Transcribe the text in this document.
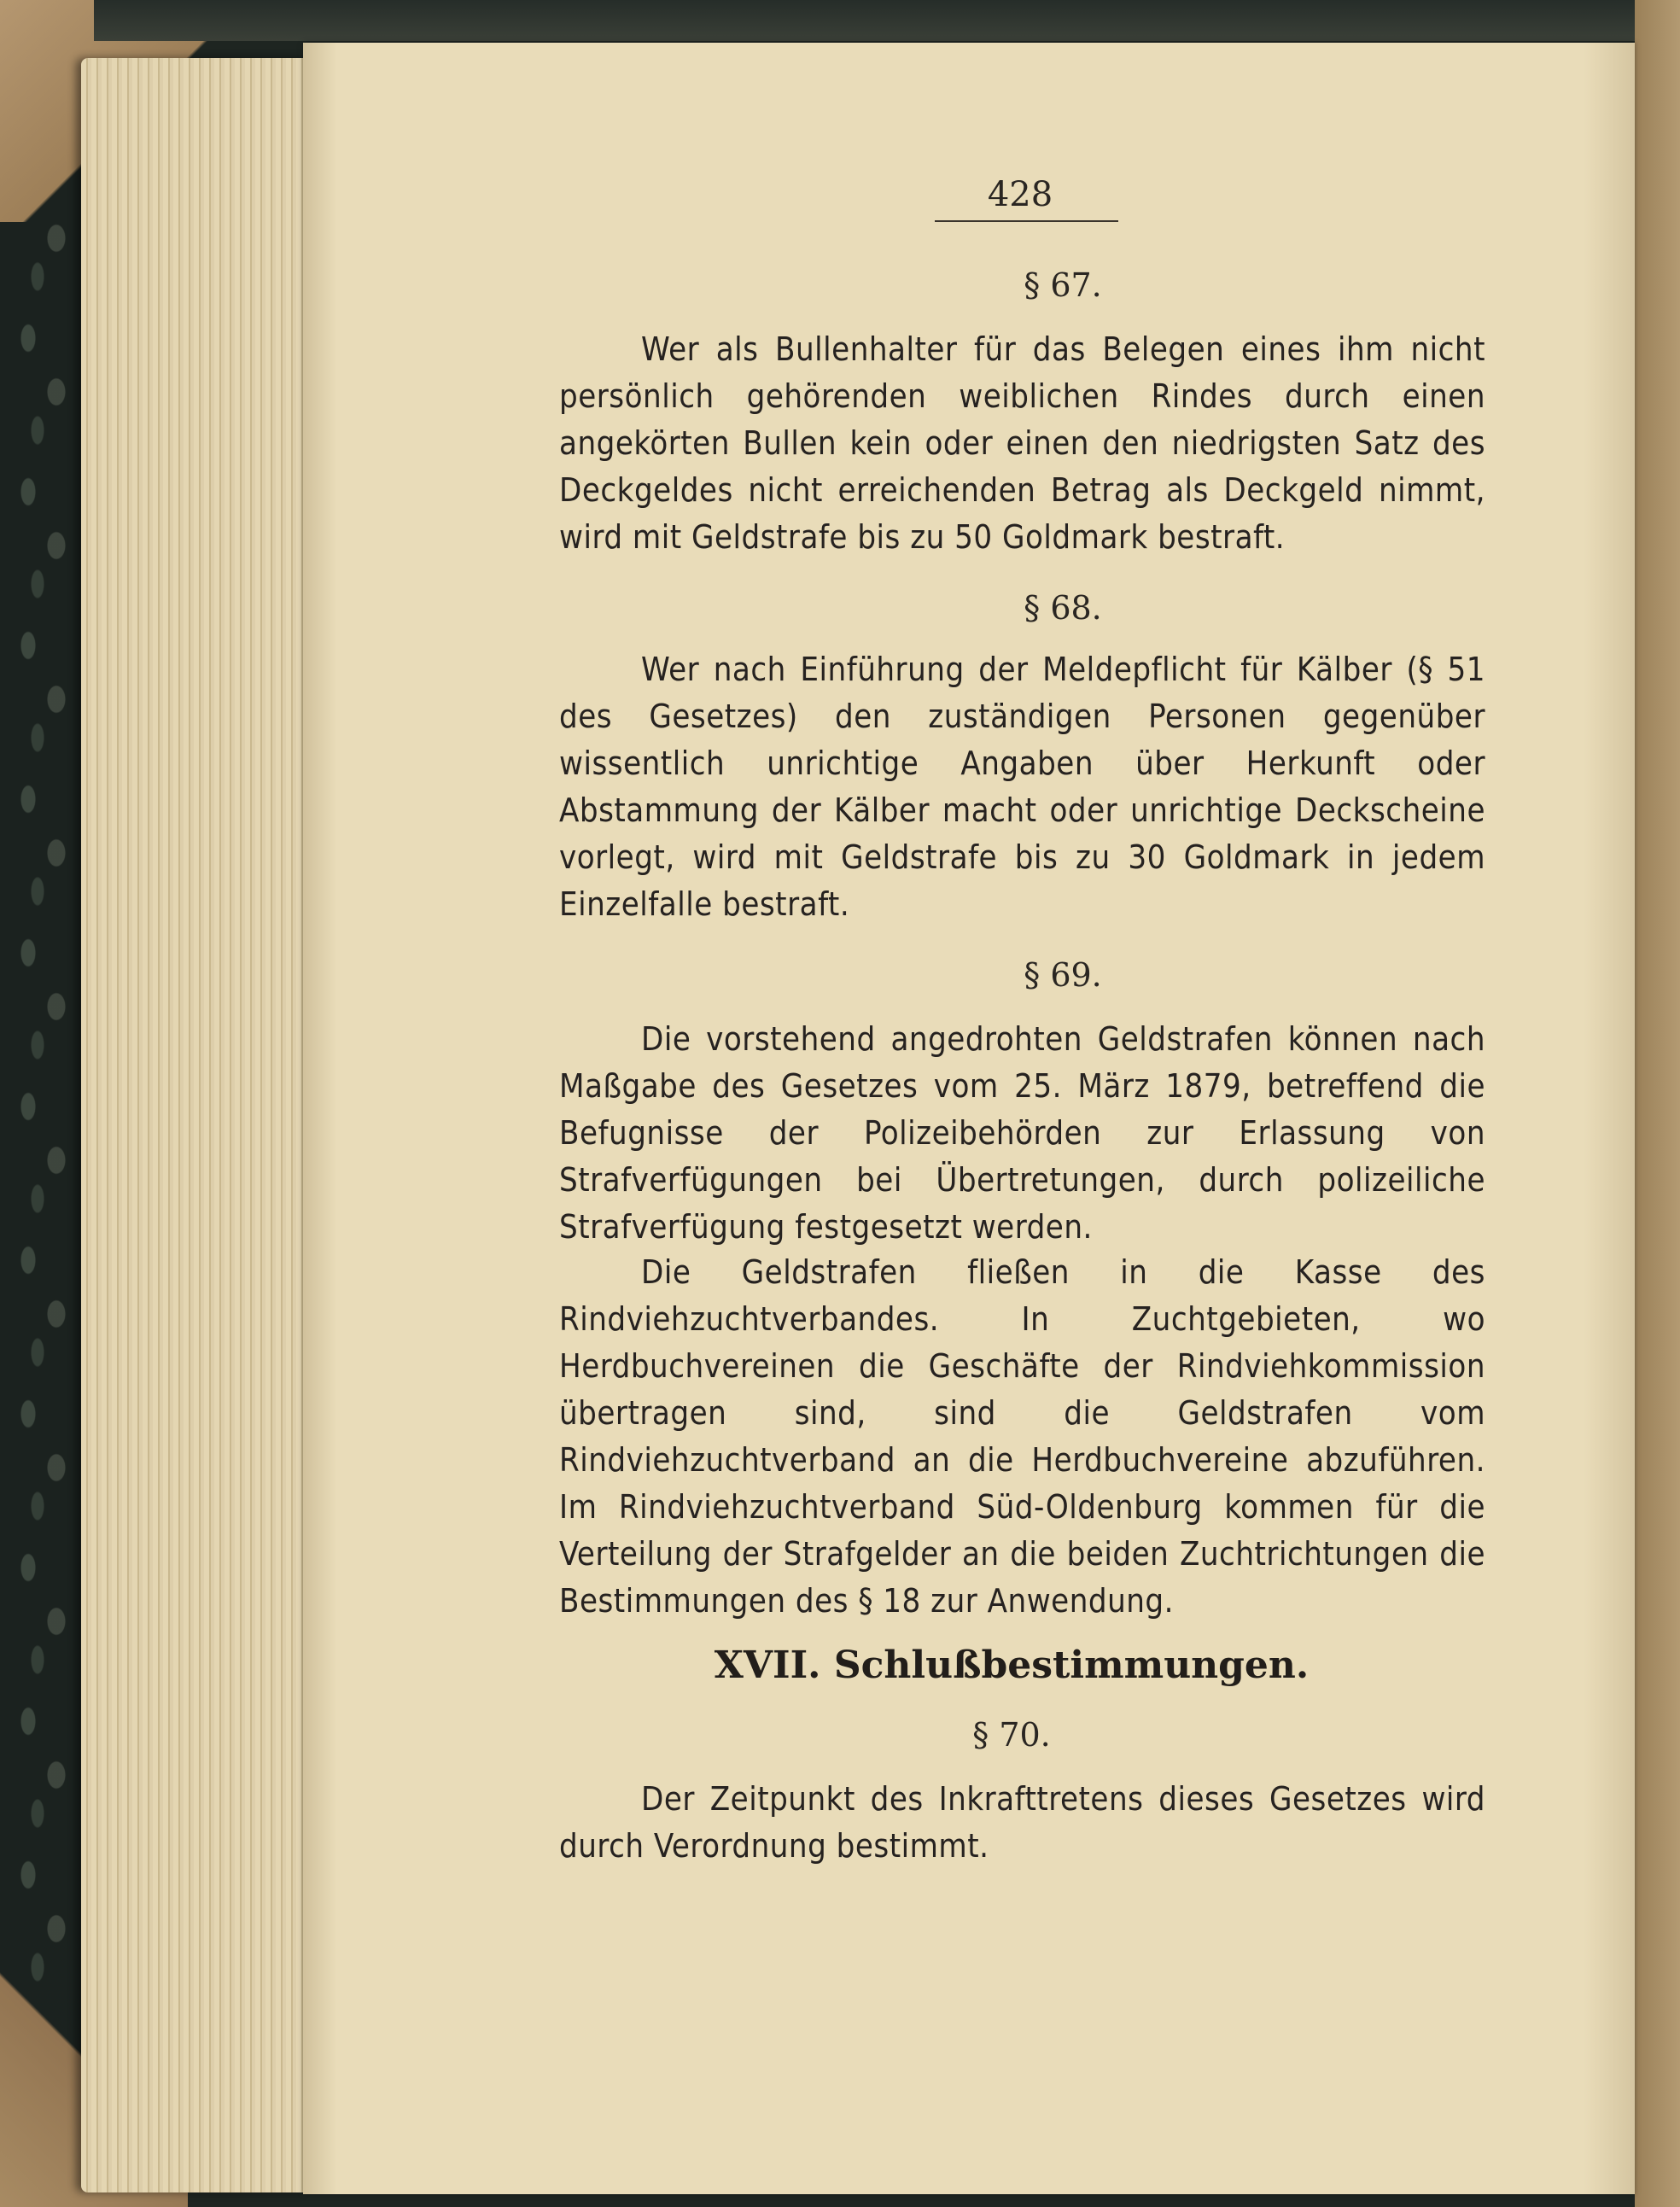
428
§ 67.
Wer als Bullenhalter für das Belegen eines ihm nicht persönlich gehörenden weiblichen Rindes durch einen angekörten Bullen kein oder einen den niedrigsten Satz des Deckgeldes nicht erreichenden Betrag als Deckgeld nimmt, wird mit Geldstrafe bis zu 50 Goldmark bestraft.
§ 68.
Wer nach Einführung der Meldepflicht für Kälber (§ 51 des Gesetzes) den zuständigen Personen gegenüber wissentlich unrichtige Angaben über Herkunft oder Abstammung der Kälber macht oder unrichtige Deckscheine vorlegt, wird mit Geldstrafe bis zu 30 Goldmark in jedem Einzelfalle bestraft.
§ 69.
Die vorstehend angedrohten Geldstrafen können nach Maßgabe des Gesetzes vom 25. März 1879, betreffend die Befugnisse der Polizeibehörden zur Erlassung von Strafverfügungen bei Übertretungen, durch polizeiliche Strafverfügung festgesetzt werden.
Die Geldstrafen fließen in die Kasse des Rindviehzuchtverbandes. In Zuchtgebieten, wo Herdbuchvereinen die Geschäfte der Rindviehkommission übertragen sind, sind die Geldstrafen vom Rindviehzuchtverband an die Herdbuchvereine abzuführen. Im Rindviehzuchtverband Süd-Oldenburg kommen für die Verteilung der Strafgelder an die beiden Zuchtrichtungen die Bestimmungen des § 18 zur Anwendung.
XVII. Schlußbestimmungen.
§ 70.
Der Zeitpunkt des Inkrafttretens dieses Gesetzes wird durch Verordnung bestimmt.
